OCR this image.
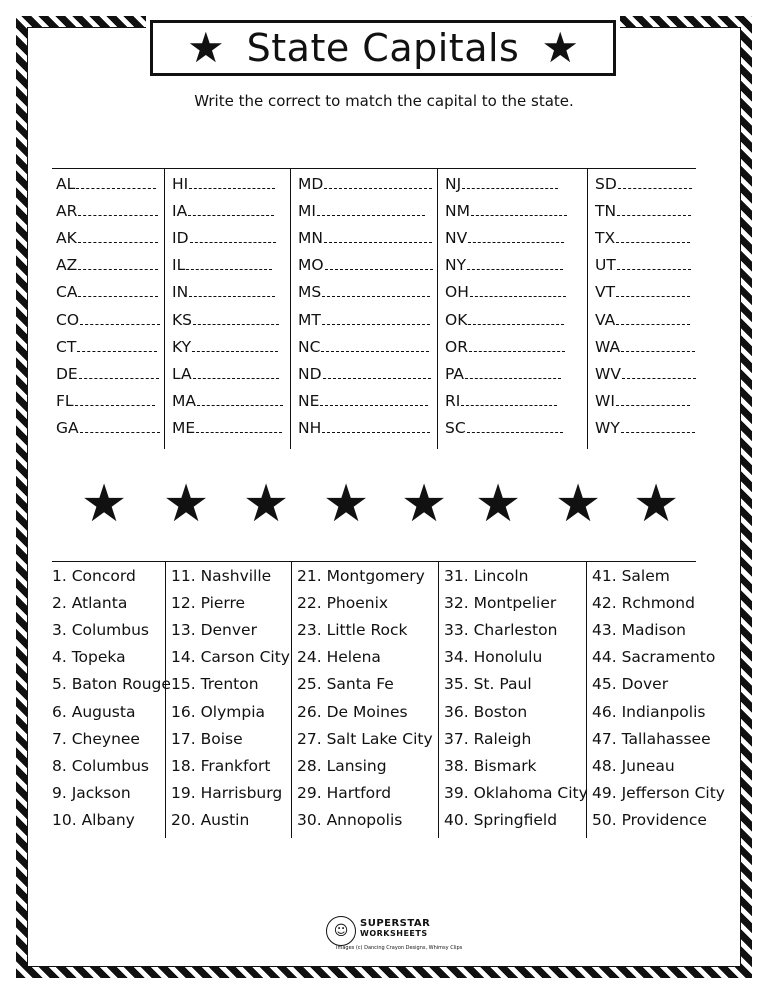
★ State Capitals ★
Write the correct to match the capital to the state.
AL
AR
AK
AZ
CA
CO
CT
DE
FL
GA
HI
IA
ID
IL
IN
KS
KY
LA
MA
ME
MD
MI
MN
MO
MS
MT
NC
ND
NE
NH
NJ
NM
NV
NY
OH
OK
OR
PA
RI
SC
SD
TN
TX
UT
VT
VA
WA
WV
WI
WY
★ ★ ★ ★ ★ ★ ★ ★
1. Concord
2. Atlanta
3. Columbus
4. Topeka
5. Baton Rouge
6. Augusta
7. Cheynee
8. Columbus
9. Jackson
10. Albany
11. Nashville
12. Pierre
13. Denver
14. Carson City
15. Trenton
16. Olympia
17. Boise
18. Frankfort
19. Harrisburg
20. Austin
21. Montgomery
22. Phoenix
23. Little Rock
24. Helena
25. Santa Fe
26. De Moines
27. Salt Lake City
28. Lansing
29. Hartford
30. Annopolis
31. Lincoln
32. Montpelier
33. Charleston
34. Honolulu
35. St. Paul
36. Boston
37. Raleigh
38. Bismark
39. Oklahoma City
40. Springfield
41. Salem
42. Rchmond
43. Madison
44. Sacramento
45. Dover
46. Indianpolis
47. Tallahassee
48. Juneau
49. Jefferson City
50. Providence
☺	SUPERSTAR
WORKSHEETS
Images (c) Dancing Crayon Designs, Whimsy Clips
